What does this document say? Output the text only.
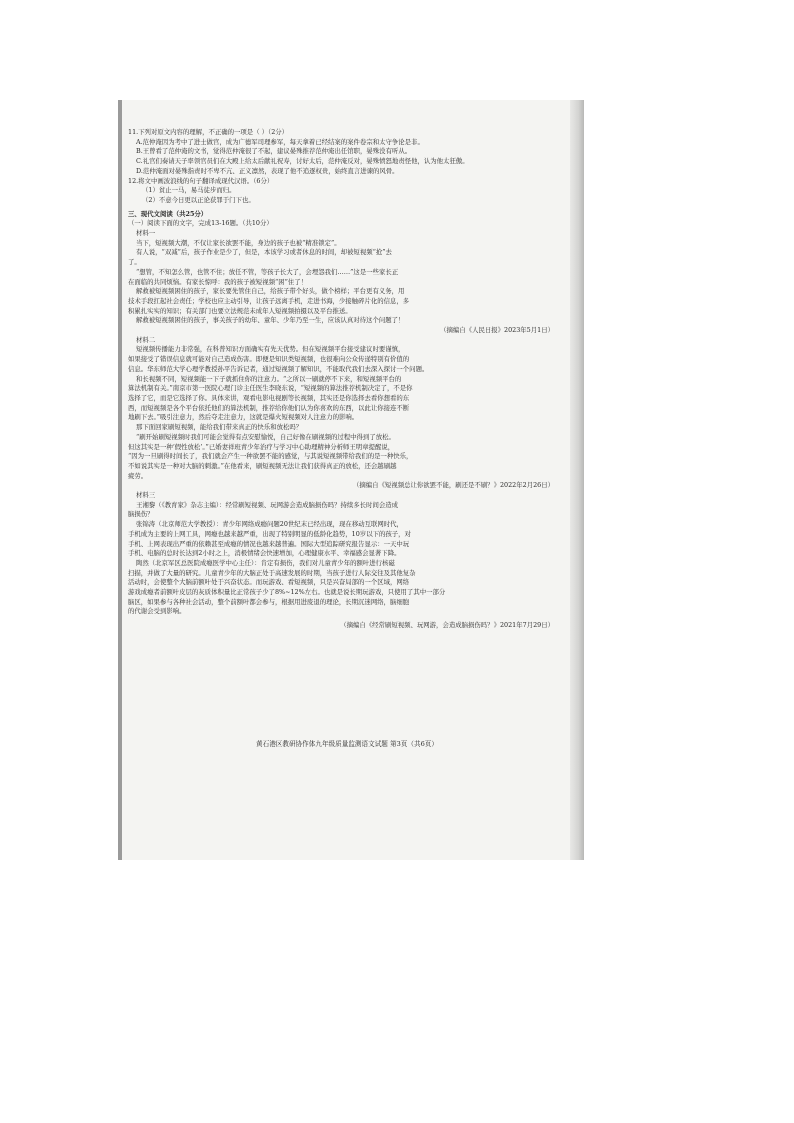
11.下列对原文内容的理解，不正确的一项是（ ）（2分）
A.范仲淹因为考中了进士做官，成为广德军司理参军，每天拿着已经结案的案件卷宗和太守争论是非。
B.王曾看了范仲淹的文书，觉得范仲淹很了不起，建议晏殊推荐范仲淹出任馆职，晏殊没有听从。
C.礼官们奏请天子率领官员们在大殿上给太后献礼祝寿，讨好太后，范仲淹反对，晏殊愤怒地责怪他，认为他太狂傲。
D.范仲淹面对晏殊指责时不卑不亢、正义凛然，表现了他不追逐权贵，始终直言进谏的风骨。
12.将文中画波浪线的句子翻译成现代汉语。（6分）
（1）贫止一马，易马徒步而归。
（2）不意今日更以正论获罪于门下也。
三、现代文阅读（共25分）
（一）阅读下面的文字，完成13-16题。（共10分）
材料一
当下，短视频大潮，不仅让家长欲罢不能，身边的孩子也被“精准锁定”。
有人说，“双减”后，孩子作业是少了，但是，本该学习或者休息的时间，却被短视频“抢”去
了。
“想管，不知怎么管，也管不住；放任不管，等孩子长大了，会埋怨我们……”这是一些家长正
在面临的共同烦恼。有家长惊呼：我的孩子被短视频“困”住了！
解救被短视频困住的孩子，家长要先管住自己，给孩子带个好头，做个榜样；平台更有义务，用
技术手段扛起社会责任；学校也应主动引导，让孩子远离手机，走进书海，少接触碎片化的信息，多
积累扎实实的知识；有关部门也要立法规范未成年人短视频拍摄以及平台推送。
解救被短视频困住的孩子，事关孩子的幼年、童年、少年乃至一生，应该认真对待这个问题了！
（摘编自《人民日报》2023年5月1日）
材料二
短视频传播能力非常强，在科普知识方面确实有先天优势。但在短视频平台接受建议时要谨慎，
如果接受了错误信息就可能对自己造成伤害。即便是知识类短视频，也很难向公众传递特别有价值的
信息。华东师范大学心理学教授孙平告诉记者，通过短视频了解知识，不能取代我们去深入探讨一个问题。
和长视频不同，短视频能一下子就抓住你的注意力。“之所以一刷就停不下来，和短视频平台的
算法机制有关。”南京市第一医院心理门诊主任医生李晓东说，“短视频的算法推荐机制决定了，不是你
选择了它，而是它选择了你。具体来讲，观看电影电视剧等长视频，其实还是你选择去看你想看的东
西，而短视频是各个平台依托他们的算法机制，推荐给你他们认为你喜欢的东西，以此让你接连不断
地刷下去。”吸引注意力，然后夺走注意力，这就是爆火短视频对人注意力的影响。
那下面回家刷短视频，能给我们带来真正的快乐和放松吗？
“刷开始刷短视频时我们可能会觉得有点安慰愉悦，自己好像在刷视频的过程中得到了放松。
但这其实是一种‘假性放松’。”已婚妻祥班青少年治疗与学习中心助理精神分析师王明章提醒说，
“因为一旦刷得时间长了，我们就会产生一种欲罢不能的感觉，与其说短视频带给我们的是一种快乐，
不如说其实是一种对大脑的刺激。”在他看来，刷短视频无法让我们获得真正的放松，还会越刷越
疲劳。
（摘编自《短视频总让你欲罢不能，刷还是不刷？》2022年2月26日）
材料三
王湘黎（《教育家》杂志主编）：经常刷短视频、玩网游会造成脑损伤吗？持续多长时间会造成
脑损伤？
张锦涛（北京师范大学教授）：青少年网络成瘾问题20世纪末已经出现，现在移动互联网时代，
手机成为主要的上网工具，网瘾也越来越严重，出现了特别明显的低龄化趋势，10岁以下的孩子，对
手机、上网表现出严重的依赖甚至成瘾的情况也越来越普遍。国际大型追踪研究报告显示：一天中玩
手机、电脑的总时长达到2小时之上，消极情绪会快速增加，心理健康水平、幸福感会显著下降。
陶然（北京军区总医院成瘾医学中心主任）：肯定有损伤，我们对儿童青少年的额叶进行核磁
扫描，并做了大量的研究。儿童青少年的大脑正处于高速发展的时期，当孩子进行人际交往及其他复杂
活动时，会使整个大脑前额叶处于兴奋状态。而玩游戏、看短视频，只是兴奋局部的一个区域，网络
游戏成瘾者前额叶皮层的灰质体积量比正常孩子少了8%~12%左右。也就是说长期玩游戏，只使用了其中一部分
脑区，如果参与各种社会活动，整个前额叶都会参与，根据用进废退的理论，长期沉迷网络，脑细胞
的代谢会受到影响。
（摘编自《经常刷短视频、玩网游，会造成脑损伤吗？》2021年7月29日）
黄石港区教研协作体九年级质量监测语文试题 第3页（共6页）
